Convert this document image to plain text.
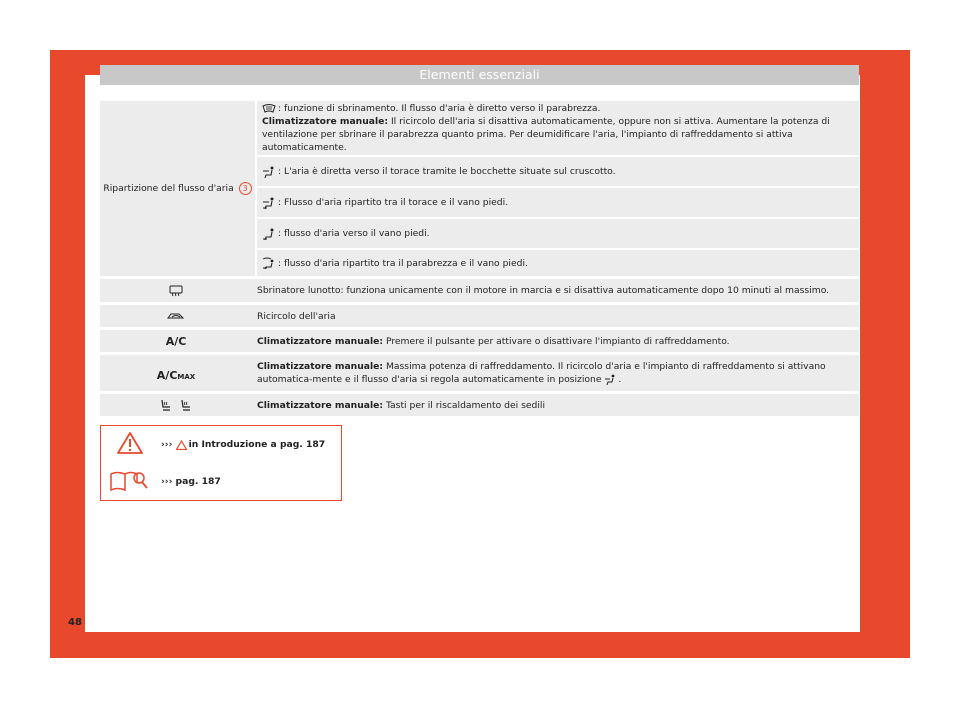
Elementi essenziali
Ripartizione del flusso d'aria 3
: funzione di sbrinamento. Il flusso d'aria è diretto verso il parabrezza.
Climatizzatore manuale: Il ricircolo dell'aria si disattiva automaticamente, oppure non si attiva. Aumentare la potenza di ventilazione per sbrinare il parabrezza quanto prima. Per deumidificare l'aria, l'impianto di raffreddamento si attiva automaticamente.
: L'aria è diretta verso il torace tramite le bocchette situate sul cruscotto.
: Flusso d'aria ripartito tra il torace e il vano piedi.
: flusso d'aria verso il vano piedi.
: flusso d'aria ripartito tra il parabrezza e il vano piedi.
Sbrinatore lunotto: funziona unicamente con il motore in marcia e si disattiva automaticamente dopo 10 minuti al massimo.
Ricircolo dell'aria
A/C	Climatizzatore manuale: Premere il pulsante per attivare o disattivare l'impianto di raffreddamento.
A/CMAX
Climatizzatore manuale: Massima potenza di raffreddamento. Il ricircolo d'aria e l'impianto di raffreddamento si attivano automatica-mente e il flusso d'aria si regola automaticamente in posizione .
Climatizzatore manuale: Tasti per il riscaldamento dei sedili
››› in Introduzione a pag. 187
››› pag. 187
48
